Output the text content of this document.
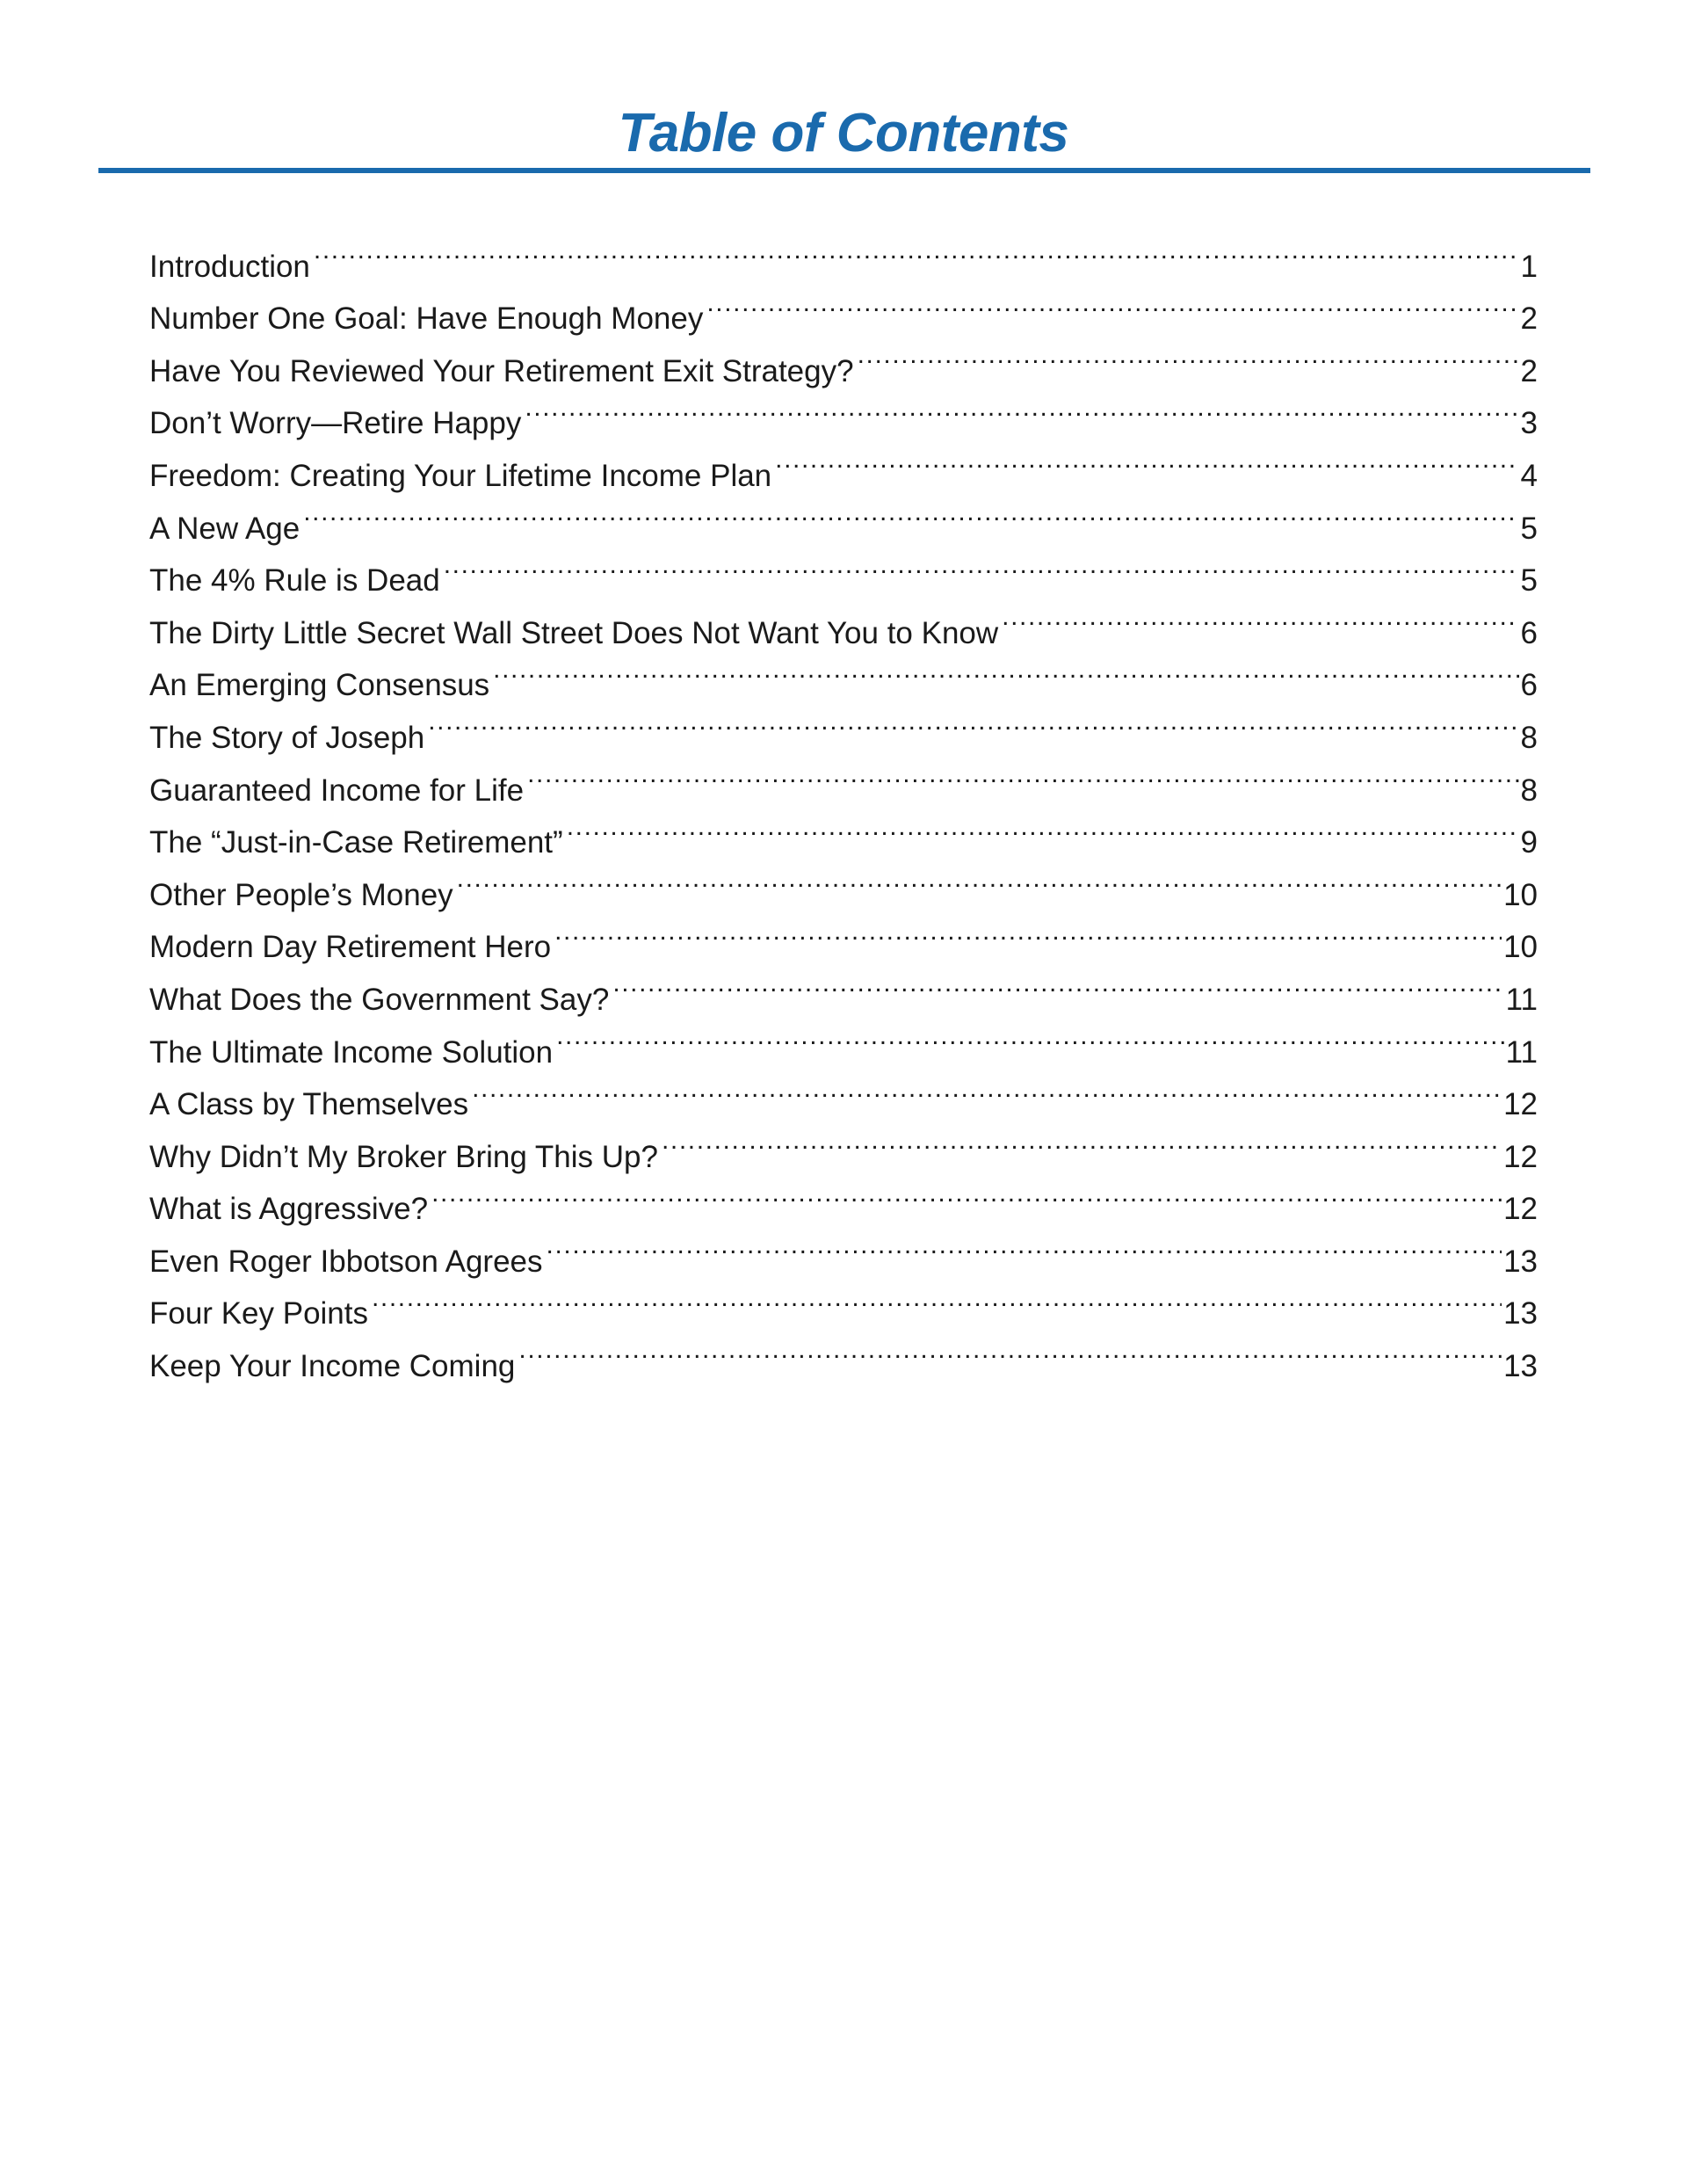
Table of Contents
Introduction .....	1
Number One Goal: Have Enough Money .....	2
Have You Reviewed Your Retirement Exit Strategy? .....	2
Don’t Worry—Retire Happy .....	3
Freedom: Creating Your Lifetime Income Plan .....	4
A New Age .....	5
The 4% Rule is Dead .....	5
The Dirty Little Secret Wall Street Does Not Want You to Know .....	6
An Emerging Consensus .....	6
The Story of Joseph .....	8
Guaranteed Income for Life .....	8
The “Just-in-Case Retirement” .....	9
Other People’s Money .....	10
Modern Day Retirement Hero .....	10
What Does the Government Say? .....	11
The Ultimate Income Solution .....	11
A Class by Themselves .....	12
Why Didn’t My Broker Bring This Up? .....	12
What is Aggressive? .....	12
Even Roger Ibbotson Agrees .....	13
Four Key Points .....	13
Keep Your Income Coming .....	13
